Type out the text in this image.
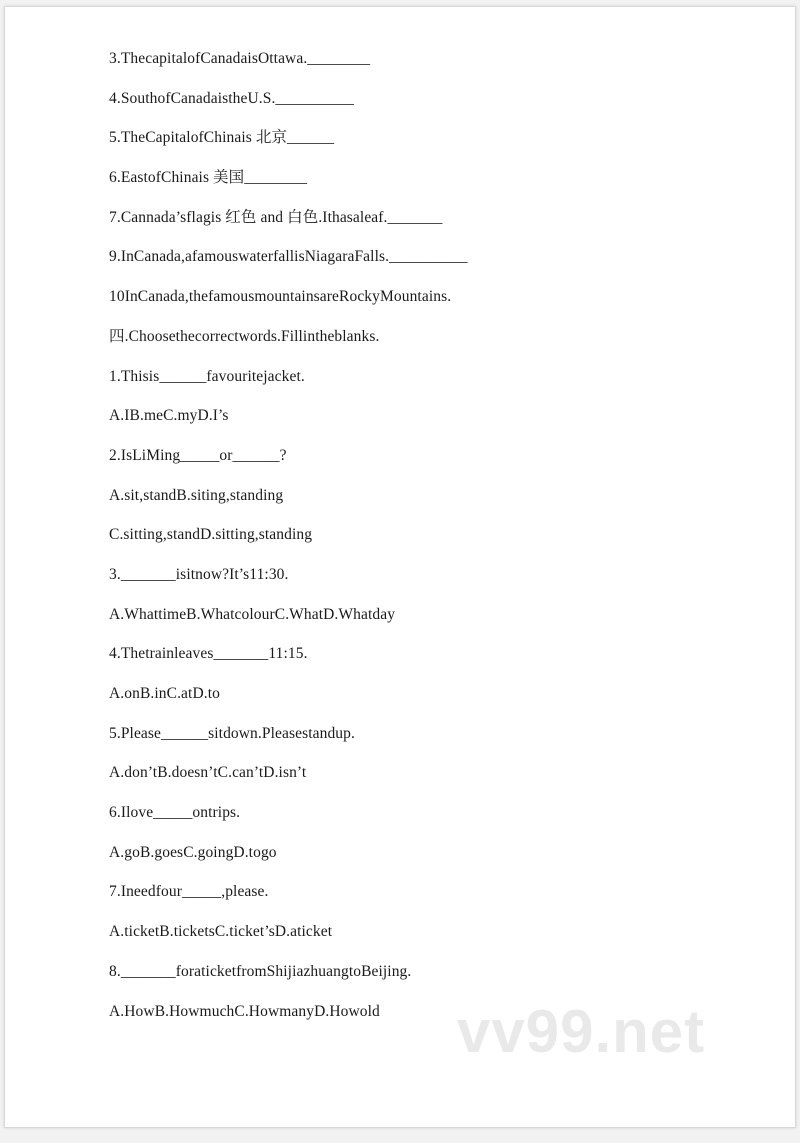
3.ThecapitalofCanadaisOttawa.________

4.SouthofCanadaistheU.S.__________

5.TheCapitalofChinais 北京______

6.EastofChinais 美国________

7.Cannada’sflagis 红色 and 白色.Ithasaleaf._______

9.InCanada,afamouswaterfallisNiagaraFalls.__________

10InCanada,thefamousmountainsareRockyMountains.

四.Choosethecorrectwords.Fillintheblanks.

1.Thisis______favouritejacket.

A.IB.meC.myD.I’s

2.IsLiMing_____or______?

A.sit,standB.siting,standing

C.sitting,standD.sitting,standing

3._______isitnow?It’s11:30.

A.WhattimeB.WhatcolourC.WhatD.Whatday

4.Thetrainleaves_______11:15.

A.onB.inC.atD.to

5.Please______sitdown.Pleasestandup.

A.don’tB.doesn’tC.can’tD.isn’t

6.Ilove_____ontrips.

A.goB.goesC.goingD.togo

7.Ineedfour_____,please.

A.ticketB.ticketsC.ticket’sD.aticket

8._______foraticketfromShijiazhuangtoBeijing.

A.HowB.HowmuchC.HowmanyD.Howold	vv99.net
